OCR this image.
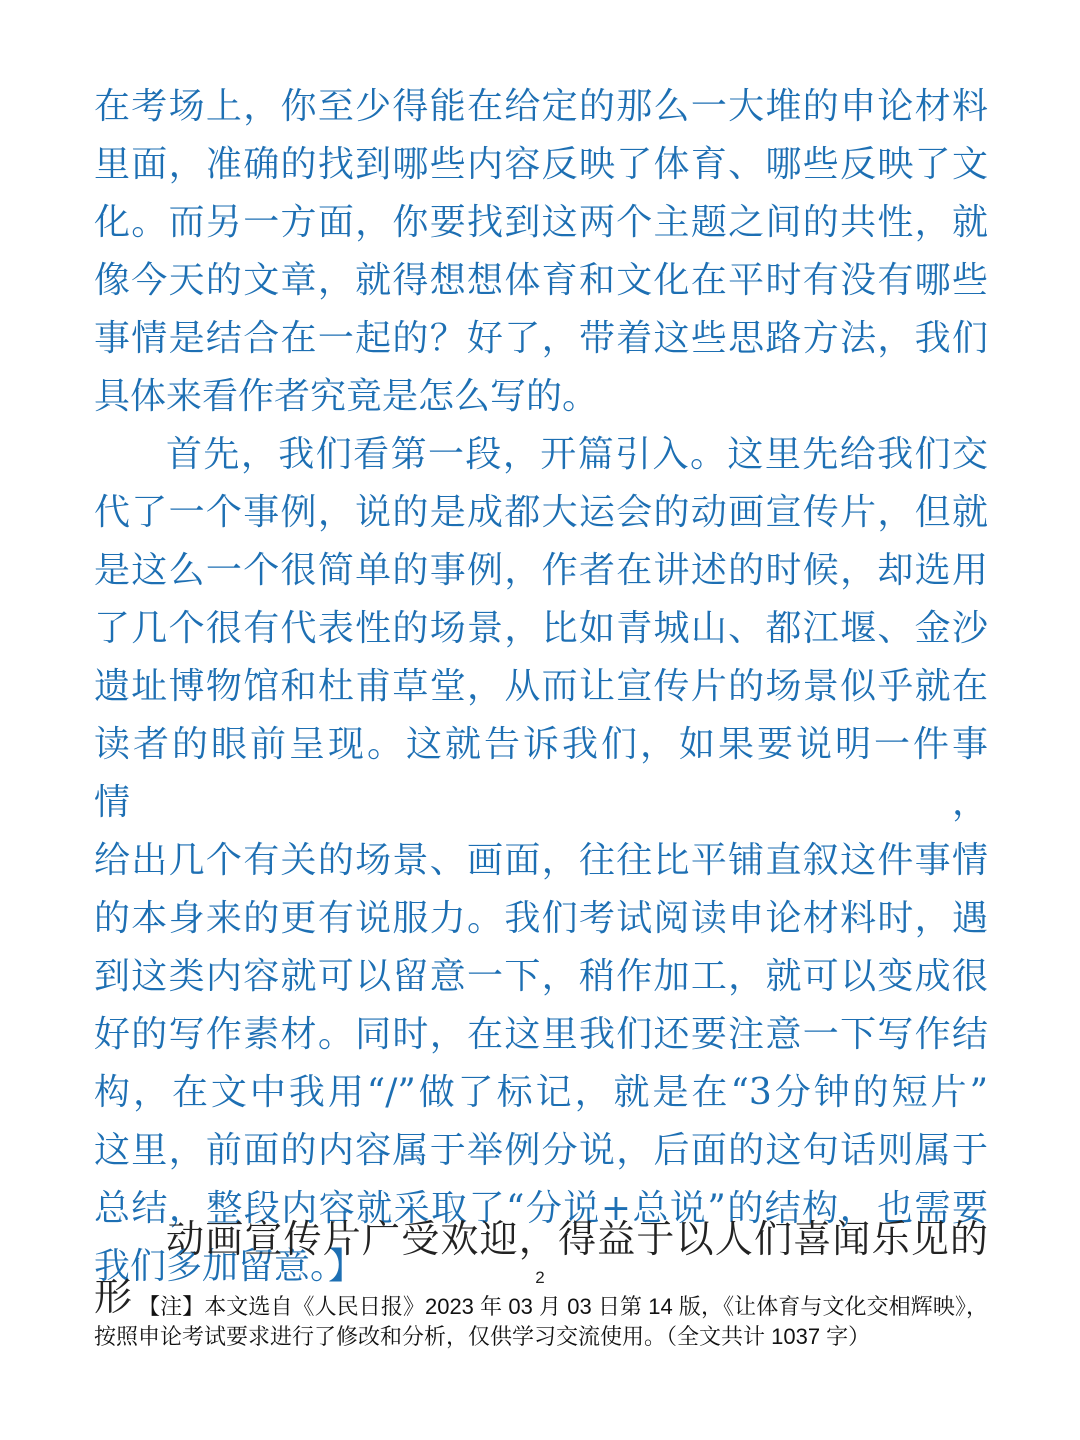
在考场上，你至少得能在给定的那么一大堆的申论材料

里面，准确的找到哪些内容反映了体育、哪些反映了文

化。而另一方面，你要找到这两个主题之间的共性，就

像今天的文章，就得想想体育和文化在平时有没有哪些

事情是结合在一起的？好了，带着这些思路方法，我们

具体来看作者究竟是怎么写的。

首先，我们看第一段，开篇引入。这里先给我们交

代了一个事例，说的是成都大运会的动画宣传片，但就

是这么一个很简单的事例，作者在讲述的时候，却选用

了几个很有代表性的场景，比如青城山、都江堰、金沙

遗址博物馆和杜甫草堂，从而让宣传片的场景似乎就在

读者的眼前呈现。这就告诉我们，如果要说明一件事情，

给出几个有关的场景、画面，往往比平铺直叙这件事情

的本身来的更有说服力。我们考试阅读申论材料时，遇

到这类内容就可以留意一下，稍作加工，就可以变成很

好的写作素材。同时，在这里我们还要注意一下写作结

构，在文中我用“/”做了标记，就是在“3分钟的短片”

这里，前面的内容属于举例分说，后面的这句话则属于

总结，整段内容就采取了“分说+总说”的结构，也需要

我们多加留意。】

动画宣传片广受欢迎，得益于以人们喜闻乐见的形	2
【注】本文选自《人民日报》2023 年 03 月 03 日第 14 版，《让体育与文化交相辉映》，按照申论考试要求进行了修改和分析，仅供学习交流使用。（全文共计 1037 字）
